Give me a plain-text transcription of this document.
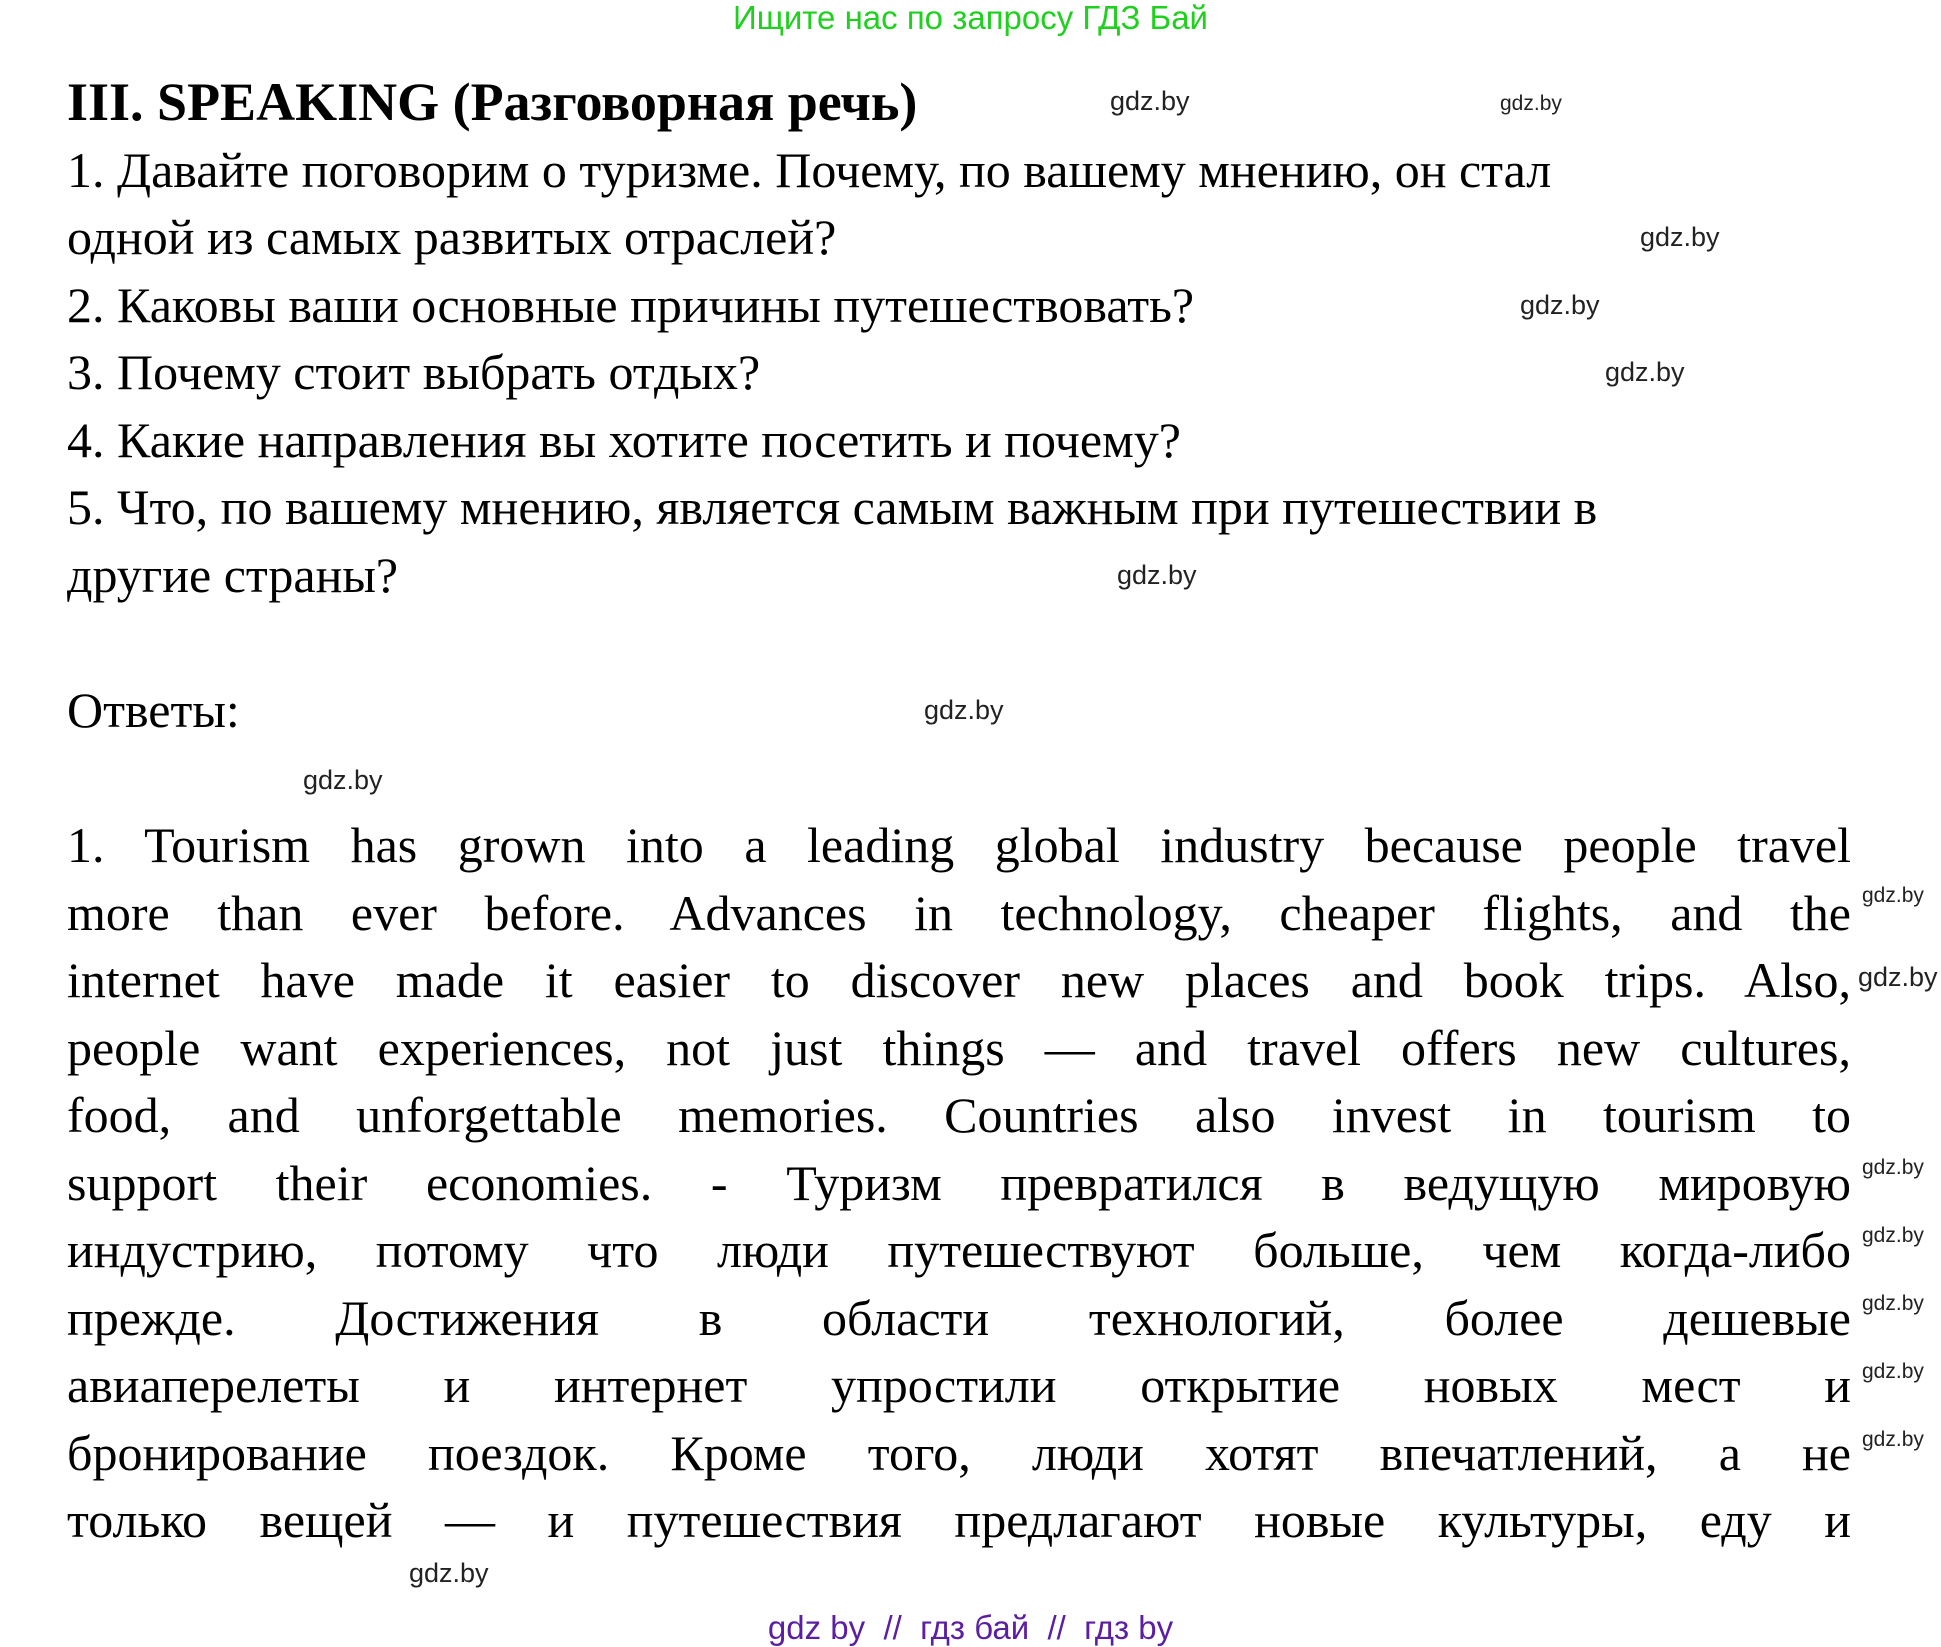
Ищите нас по запросу ГДЗ Бай
III. SPEAKING (Разговорная речь)
1. Давайте поговорим о туризме. Почему, по вашему мнению, он стал
одной из самых развитых отраслей?
2. Каковы ваши основные причины путешествовать?
3. Почему стоит выбрать отдых?
4. Какие направления вы хотите посетить и почему?
5. Что, по вашему мнению, является самым важным при путешествии в
другие страны?
Ответы:
1. Tourism has grown into a leading global industry because people travel
more than ever before. Advances in technology, cheaper flights, and the
internet have made it easier to discover new places and book trips. Also,
people want experiences, not just things — and travel offers new cultures,
food, and unforgettable memories. Countries also invest in tourism to
support their economies. - Туризм превратился в ведущую мировую
индустрию, потому что люди путешествуют больше, чем когда-либо
прежде. Достижения в области технологий, более дешевые
авиаперелеты и интернет упростили открытие новых мест и
бронирование поездок. Кроме того, люди хотят впечатлений, а не
только вещей — и путешествия предлагают новые культуры, еду и
gdz.by	gdz.by
gdz.by
gdz.by
gdz.by
gdz.by
gdz.by
gdz.by
gdz.by
gdz.by
gdz.by
gdz.by
gdz.by
gdz.by
gdz.by
gdz.by
gdz by  //  гдз бай  //  гдз by
